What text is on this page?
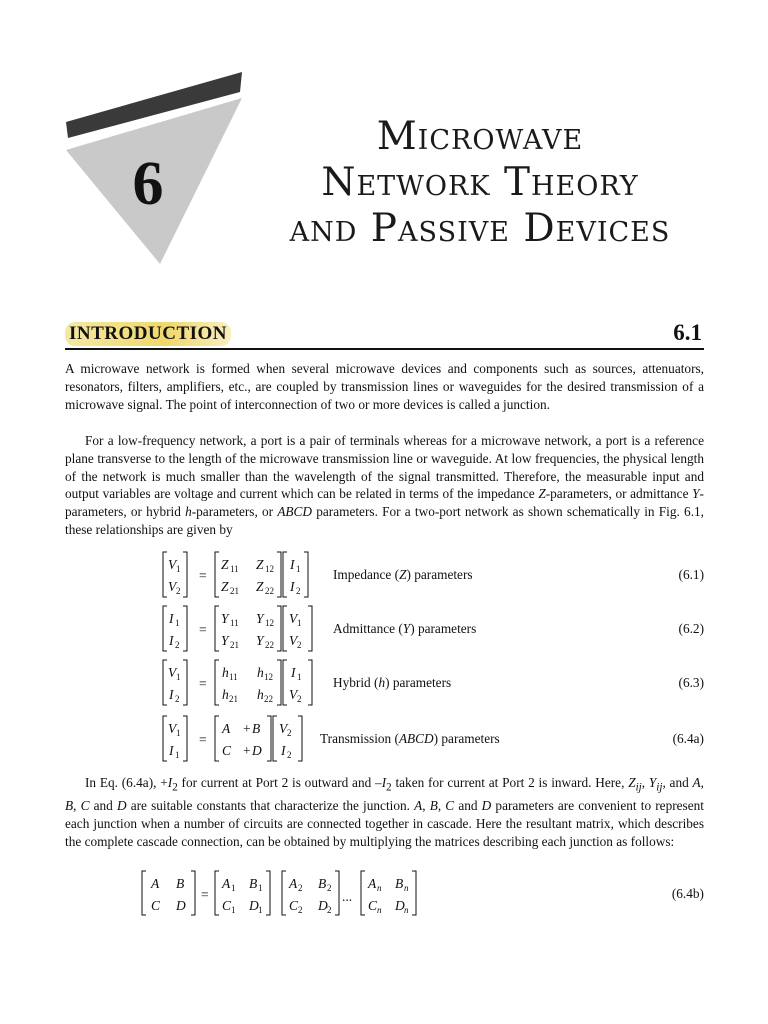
6
Microwave
Network Theory
and Passive Devices
INTRODUCTION	6.1
A microwave network is formed when several microwave devices and components such as sources, attenuators, resonators, filters, amplifiers, etc., are coupled by transmission lines or waveguides for the desired transmission of a microwave signal. The point of interconnection of two or more devices is called a junction.
For a low-frequency network, a port is a pair of terminals whereas for a microwave network, a port is a reference plane transverse to the length of the microwave transmission line or waveguide. At low frequencies, the physical length of the network is much smaller than the wavelength of the signal transmitted. Therefore, the measurable input and output variables are voltage and current which can be related in terms of the impedance Z-parameters, or admittance Y-parameters, or hybrid h-parameters, or ABCD parameters. For a two-port network as shown schematically in Fig. 6.1, these relationships are given by
V 1
V 2
=
Z 11 Z 12
Z 21 Z 22
I 1
I 2
Impedance (Z) parameters	(6.1)
I 1
I 2
=
Y 11 Y 12
Y 21 Y 22
V 1
V 2
Admittance (Y) parameters	(6.2)
V 1
I 2
=
h 11 h 12
h 21 h 22
I 1
V 2
Hybrid (h) parameters	(6.3)
V 1
I 1
=
A + B
C + D
V 2
I 2
Transmission (ABCD) parameters	(6.4a)
In Eq. (6.4a), $+I_2$ for current at Port 2 is outward and $-I_2$ taken for current at Port 2 is inward. Here, $Z_{ij}$, $Y_{ij}$, and A, B, C and D are suitable constants that characterize the junction. A, B, C and D parameters are convenient to represent each junction when a number of circuits are connected together in cascade. Here the resultant matrix, which describes the complete cascade connection, can be obtained by multiplying the matrices describing each junction as follows:
A B
C D
=
A 1 B 1
C 1 D 1
A 2 B 2
C 2 D 2
...
A n B n
C n D n
(6.4b)
